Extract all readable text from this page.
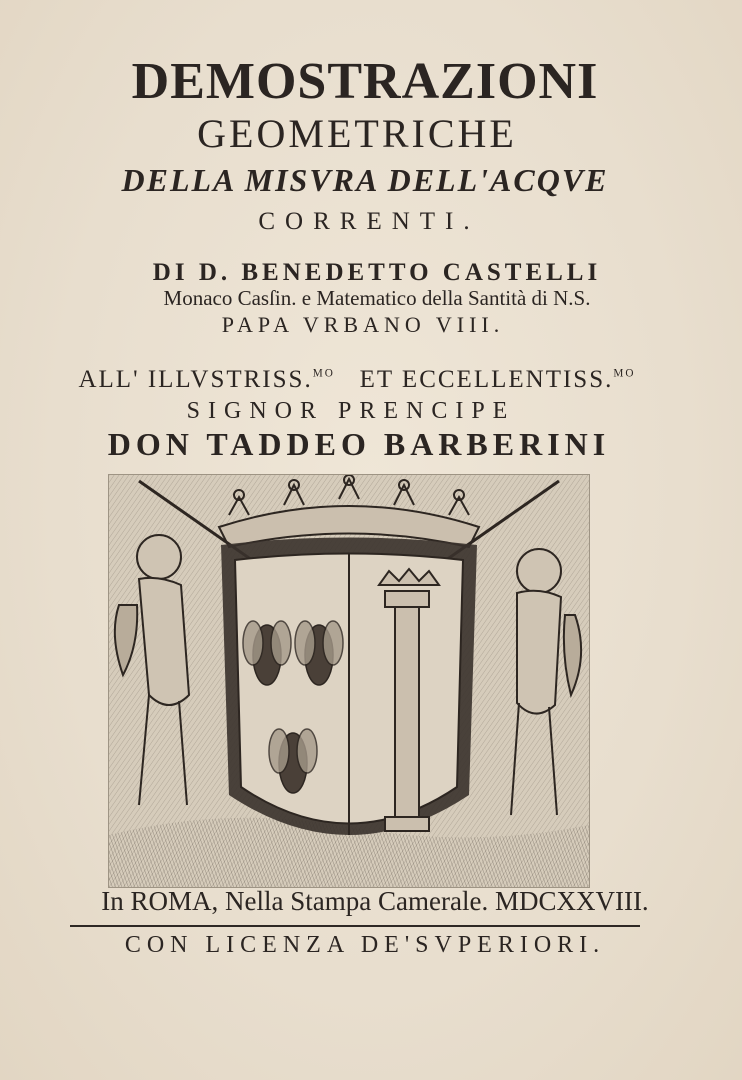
DEMOSTRAZIONI
GEOMETRICHE
DELLA MISVRA DELL'ACQVE
CORRENTI.
DI D. BENEDETTO CASTELLI
Monaco Casſin. e Matematico della Santità di N.S.
PAPA VRBANO VIII.
ALL' ILLVSTRISS.$^{MO}$ ET ECCELLENTISS.$^{MO}$
SIGNOR PRENCIPE
DON TADDEO BARBERINI
In ROMA, Nella Stampa Camerale. MDCXXVIII.
CON LICENZA DE'SVPERIORI.
